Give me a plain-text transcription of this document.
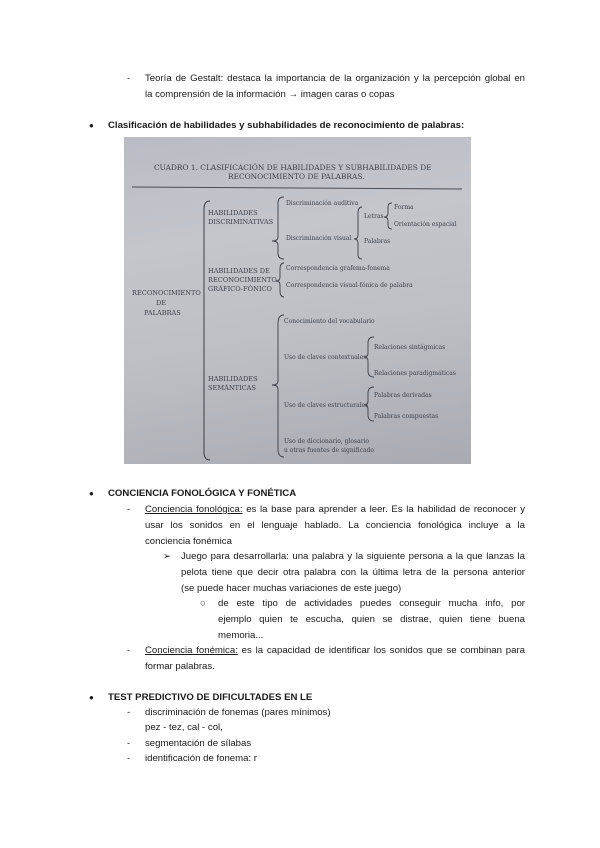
- Teoría de Gestalt: destaca la importancia de la organización y la percepción global en
la comprensión de la información → imagen caras o copas
● Clasificación de habilidades y subhabilidades de reconocimiento de palabras:
CUADRO 1. CLASIFICACIÓN DE HABILIDADES Y SUBHABILIDADES DE
RECONOCIMIENTO DE PALABRAS.
RECONOCIMIENTO
DE
PALABRAS
HABILIDADES
DISCRIMINATIVAS
Discriminación auditiva
Discriminación visual
Letras
Forma
Orientación espacial
Palabras
HABILIDADES DE
RECONOCIMIENTO
GRÁFICO-FÓNICO
Correspondencia grafema-fonema
Correspondencia visual-fónica de palabra
HABILIDADES
SEMÁNTICAS
Conocimiento del vocabulario
Uso de claves contextuales
Uso de claves estructurales
Uso de diccionario, glosario
u otras fuentes de significado
Relaciones sintágmicas
Relaciones paradigmáticas
Palabras derivadas
Palabras compuestas
● CONCIENCIA FONOLÓGICA Y FONÉTICA
- Conciencia fonológica: es la base para aprender a leer. Es la habilidad de reconocer y
usar los sonidos en el lenguaje hablado. La conciencia fonológica incluye a la
conciencia fonémica
➢ Juego para desarrollarla: una palabra y la siguiente persona a la que lanzas la
pelota tiene que decir otra palabra con la última letra de la persona anterior
(se puede hacer muchas variaciones de este juego)
○ de este tipo de actividades puedes conseguir mucha info, por
ejemplo quien te escucha, quien se distrae, quien tiene buena
memoria...
- Conciencia fonémica: es la capacidad de identificar los sonidos que se combinan para
formar palabras.
● TEST PREDICTIVO DE DIFICULTADES EN LE
- discriminación de fonemas (pares mínimos)
pez - tez, cal - col,
- segmentación de sílabas
- identificación de fonema: r
